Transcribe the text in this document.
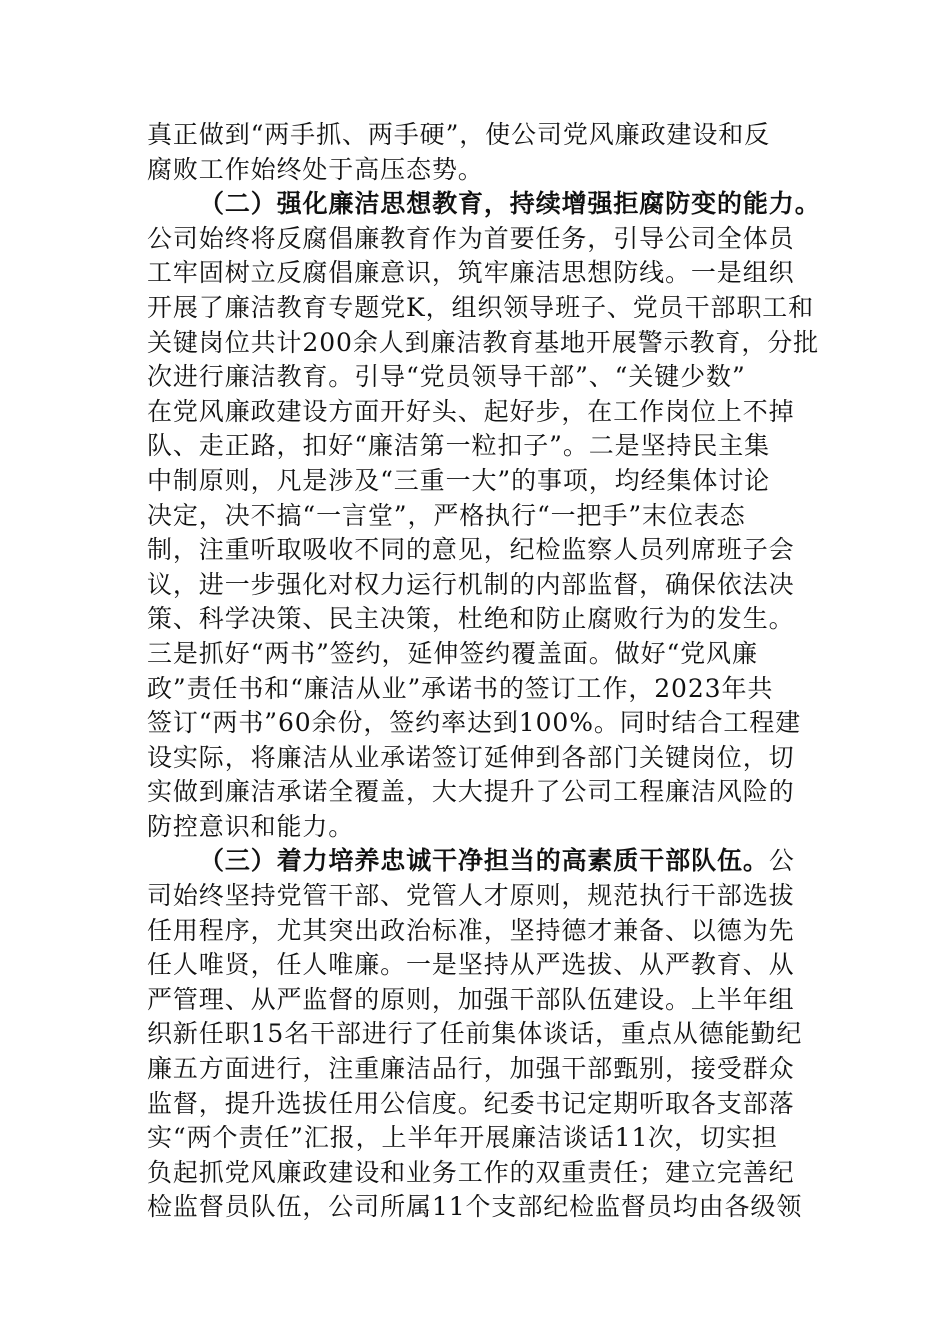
真正做到“两手抓、两手硬”，使公司党风廉政建设和反
腐败工作始终处于高压态势。
（二）强化廉洁思想教育，持续增强拒腐防变的能力。
公司始终将反腐倡廉教育作为首要任务，引导公司全体员
工牢固树立反腐倡廉意识，筑牢廉洁思想防线。一是组织
开展了廉洁教育专题党K，组织领导班子、党员干部职工和
关键岗位共计200余人到廉洁教育基地开展警示教育，分批
次进行廉洁教育。引导“党员领导干部”、“关键少数”
在党风廉政建设方面开好头、起好步，在工作岗位上不掉
队、走正路，扣好“廉洁第一粒扣子”。二是坚持民主集
中制原则，凡是涉及“三重一大”的事项，均经集体讨论
决定，决不搞“一言堂”，严格执行“一把手”末位表态
制，注重听取吸收不同的意见，纪检监察人员列席班子会
议，进一步强化对权力运行机制的内部监督，确保依法决
策、科学决策、民主决策，杜绝和防止腐败行为的发生。
三是抓好“两书”签约，延伸签约覆盖面。做好“党风廉
政”责任书和“廉洁从业”承诺书的签订工作，2023年共
签订“两书”60余份，签约率达到100%。同时结合工程建
设实际，将廉洁从业承诺签订延伸到各部门关键岗位，切
实做到廉洁承诺全覆盖，大大提升了公司工程廉洁风险的
防控意识和能力。
（三）着力培养忠诚干净担当的高素质干部队伍。公
司始终坚持党管干部、党管人才原则，规范执行干部选拔
任用程序，尤其突出政治标准，坚持德才兼备、以德为先
任人唯贤，任人唯廉。一是坚持从严选拔、从严教育、从
严管理、从严监督的原则，加强干部队伍建设。上半年组
织新任职15名干部进行了任前集体谈话，重点从德能勤纪
廉五方面进行，注重廉洁品行，加强干部甄别，接受群众
监督，提升选拔任用公信度。纪委书记定期听取各支部落
实“两个责任”汇报，上半年开展廉洁谈话11次，切实担
负起抓党风廉政建设和业务工作的双重责任；建立完善纪
检监督员队伍，公司所属11个支部纪检监督员均由各级领
